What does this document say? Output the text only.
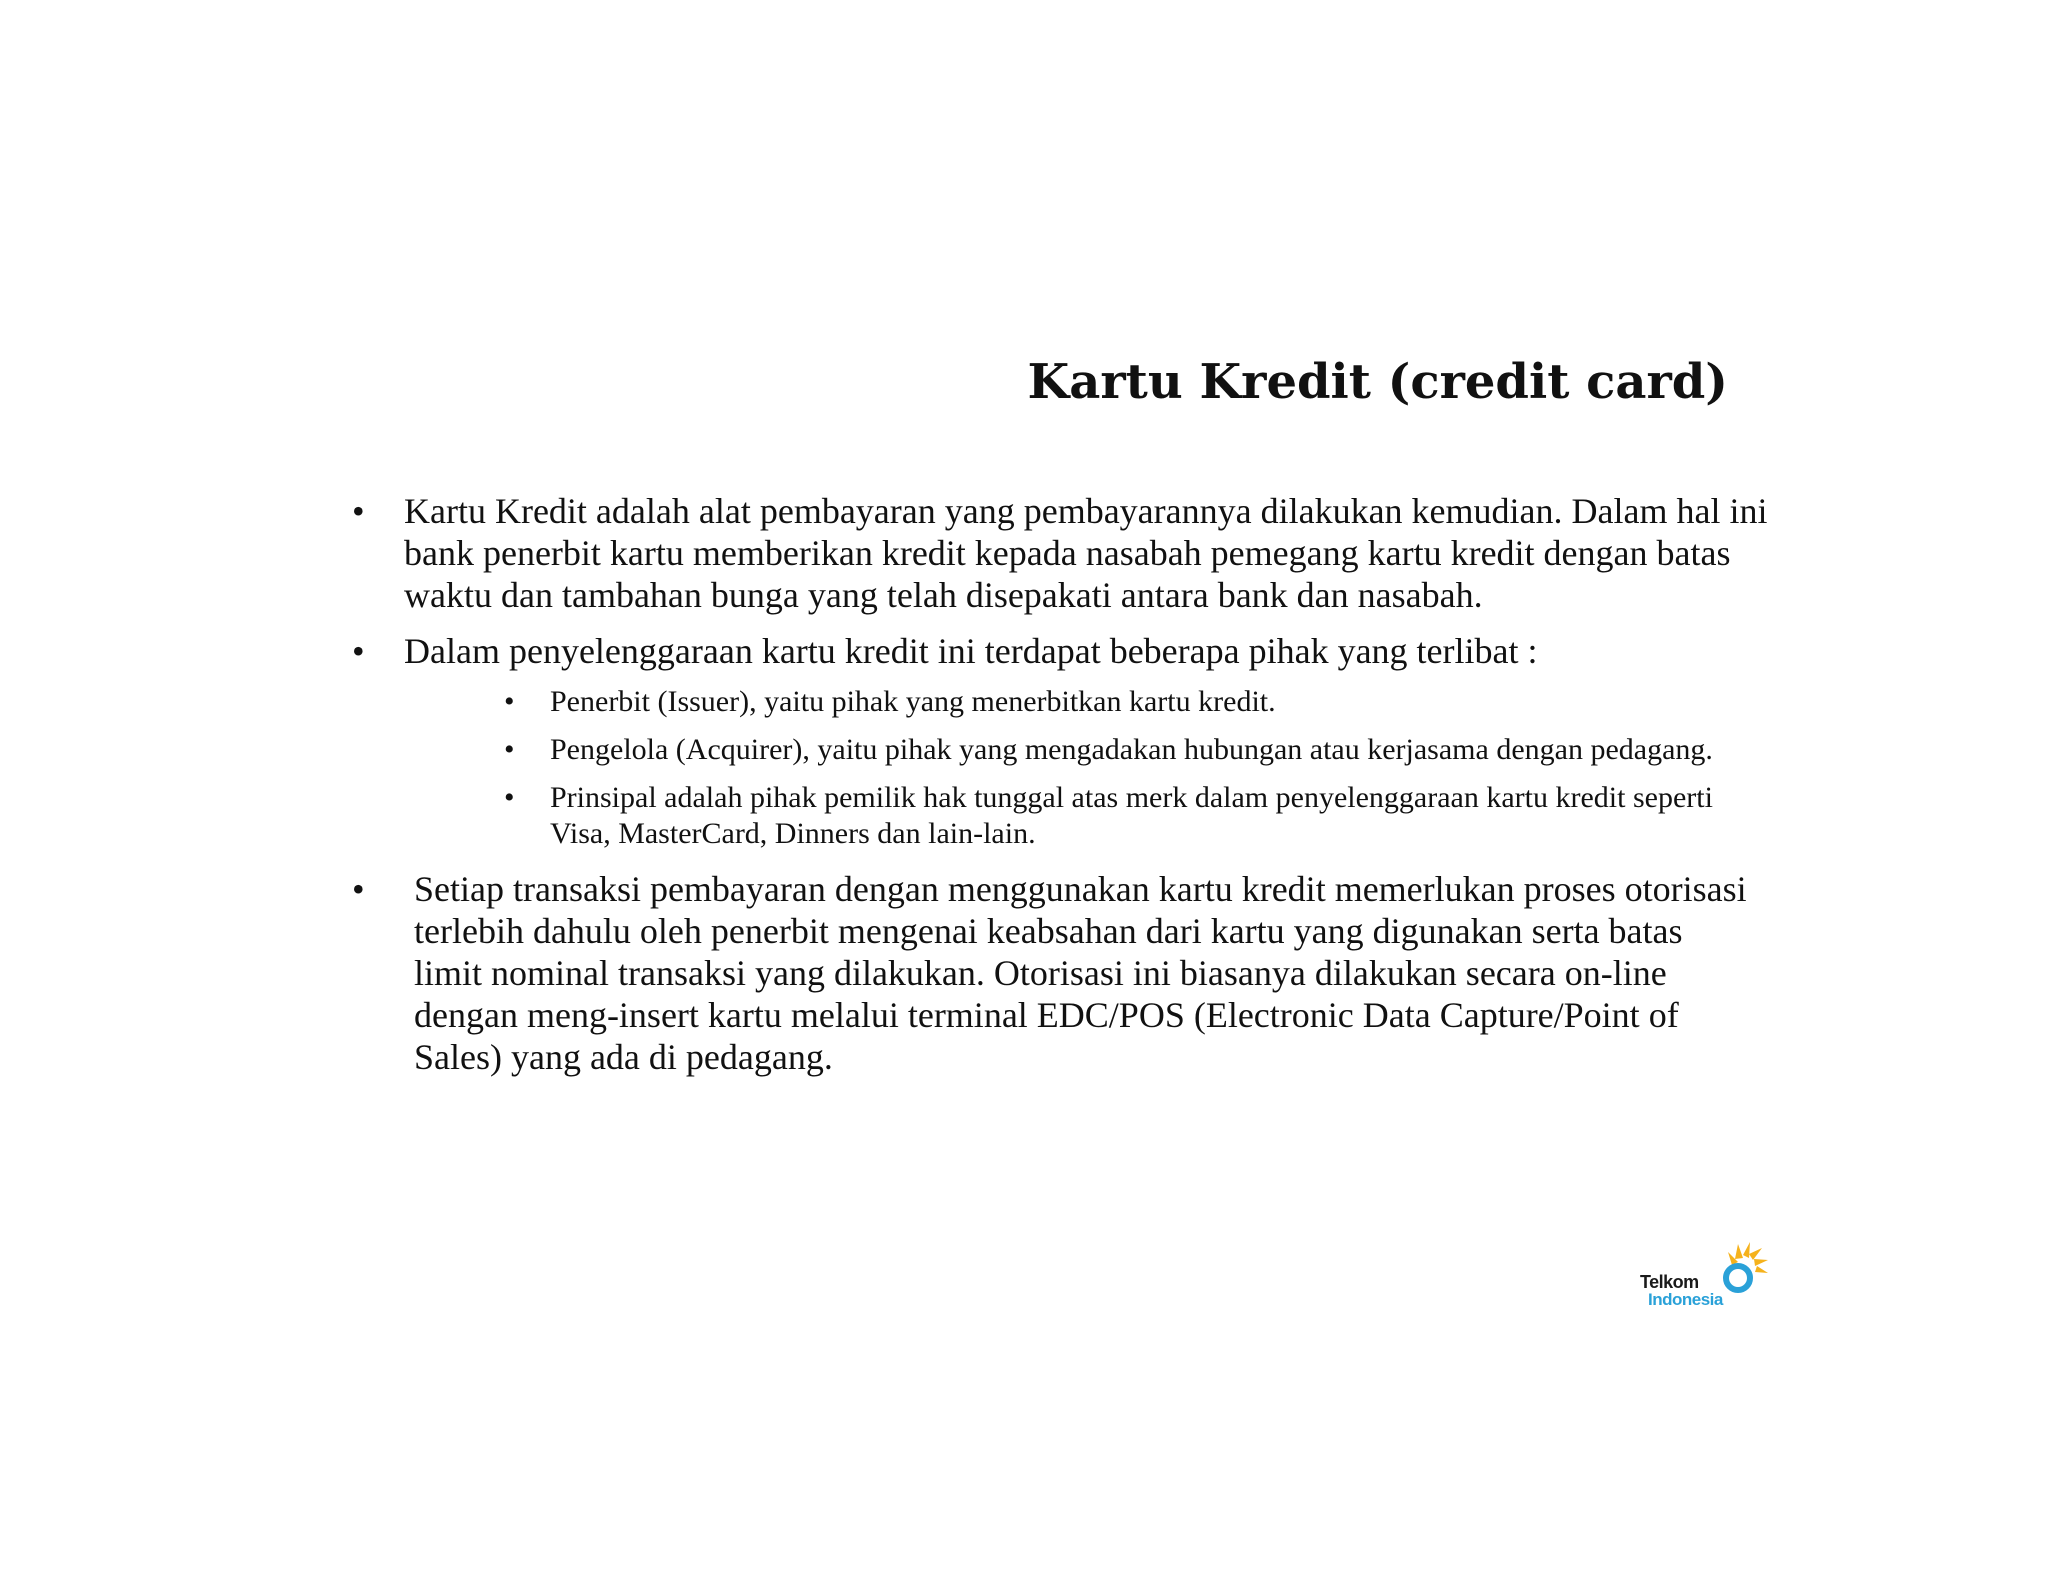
Kartu Kredit (credit card)
•	Kartu Kredit adalah alat pembayaran yang pembayarannya dilakukan kemudian. Dalam hal ini bank penerbit kartu memberikan kredit kepada nasabah pemegang kartu kredit dengan batas waktu dan tambahan bunga yang telah disepakati antara bank dan nasabah.
•	Dalam penyelenggaraan kartu kredit ini terdapat beberapa pihak yang terlibat :
•	Penerbit (Issuer), yaitu pihak yang menerbitkan kartu kredit.
•	Pengelola (Acquirer), yaitu pihak yang mengadakan hubungan atau kerjasama dengan pedagang.
•	Prinsipal adalah pihak pemilik hak tunggal atas merk dalam penyelenggaraan kartu kredit seperti Visa, MasterCard, Dinners dan lain-lain.
•	Setiap transaksi pembayaran dengan menggunakan kartu kredit memerlukan proses otorisasi terlebih dahulu oleh penerbit mengenai keabsahan dari kartu yang digunakan serta batas limit nominal transaksi yang dilakukan. Otorisasi ini biasanya dilakukan secara on-line dengan meng-insert kartu melalui terminal EDC/POS (Electronic Data Capture/Point of Sales) yang ada di pedagang.
Telkom
Indonesia
